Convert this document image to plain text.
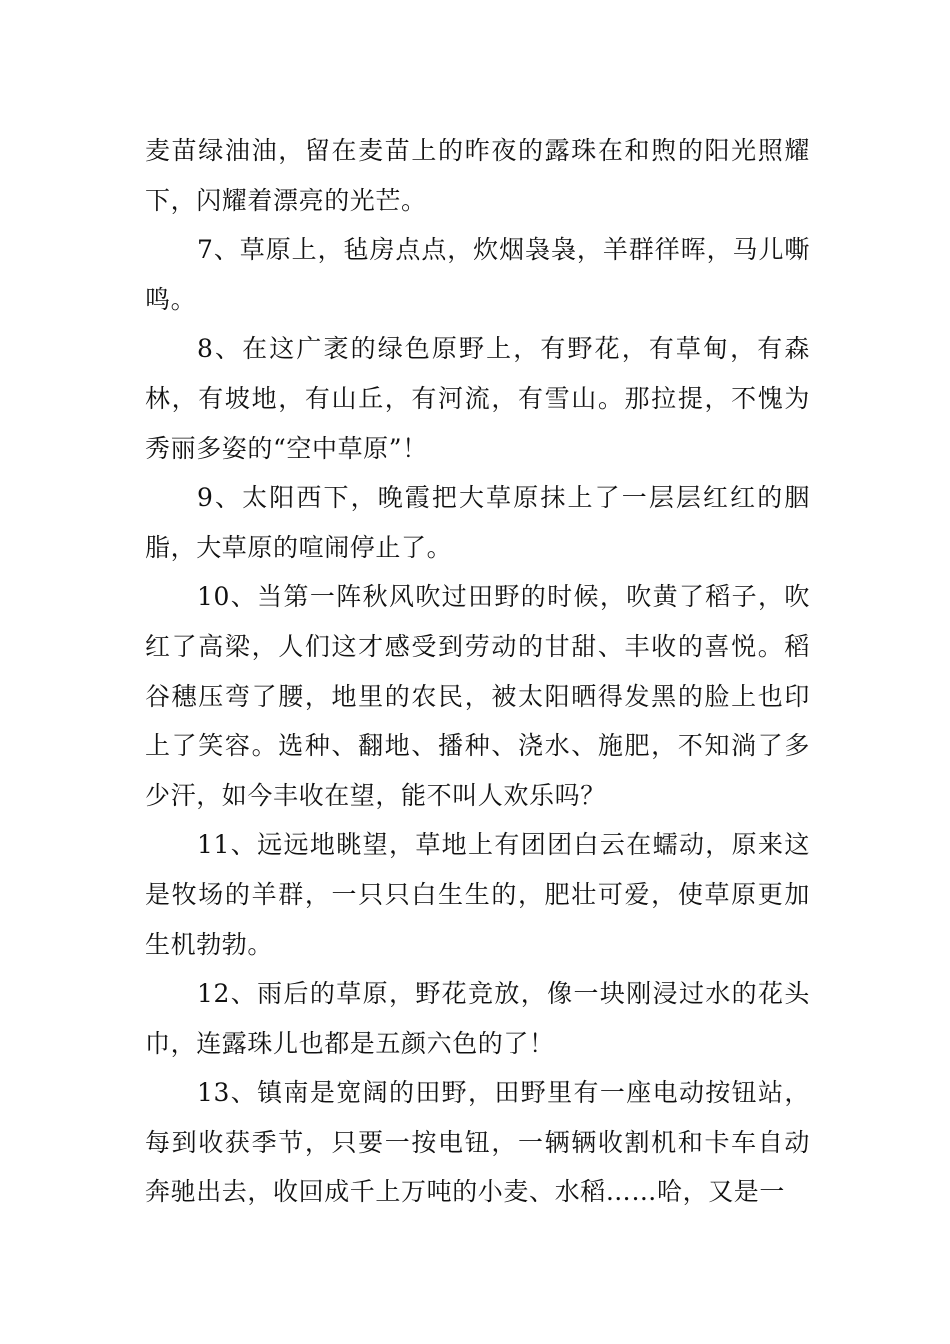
麦苗绿油油，留在麦苗上的昨夜的露珠在和煦的阳光照耀下，闪耀着漂亮的光芒。

7、草原上，毡房点点，炊烟袅袅，羊群徉晖，马儿嘶鸣。

8、在这广袤的绿色原野上，有野花，有草甸，有森林，有坡地，有山丘，有河流，有雪山。那拉提，不愧为秀丽多姿的“空中草原”！

9、太阳西下，晚霞把大草原抹上了一层层红红的胭脂，大草原的喧闹停止了。

10、当第一阵秋风吹过田野的时候，吹黄了稻子，吹红了高梁，人们这才感受到劳动的甘甜、丰收的喜悦。稻谷穗压弯了腰，地里的农民，被太阳晒得发黑的脸上也印上了笑容。选种、翻地、播种、浇水、施肥，不知淌了多少汗，如今丰收在望，能不叫人欢乐吗？

11、远远地眺望，草地上有团团白云在蠕动，原来这是牧场的羊群，一只只白生生的，肥壮可爱，使草原更加生机勃勃。

12、雨后的草原，野花竞放，像一块刚浸过水的花头巾，连露珠儿也都是五颜六色的了！

13、镇南是宽阔的田野，田野里有一座电动按钮站，每到收获季节，只要一按电钮，一辆辆收割机和卡车自动奔驰出去，收回成千上万吨的小麦、水稻……哈，又是一
